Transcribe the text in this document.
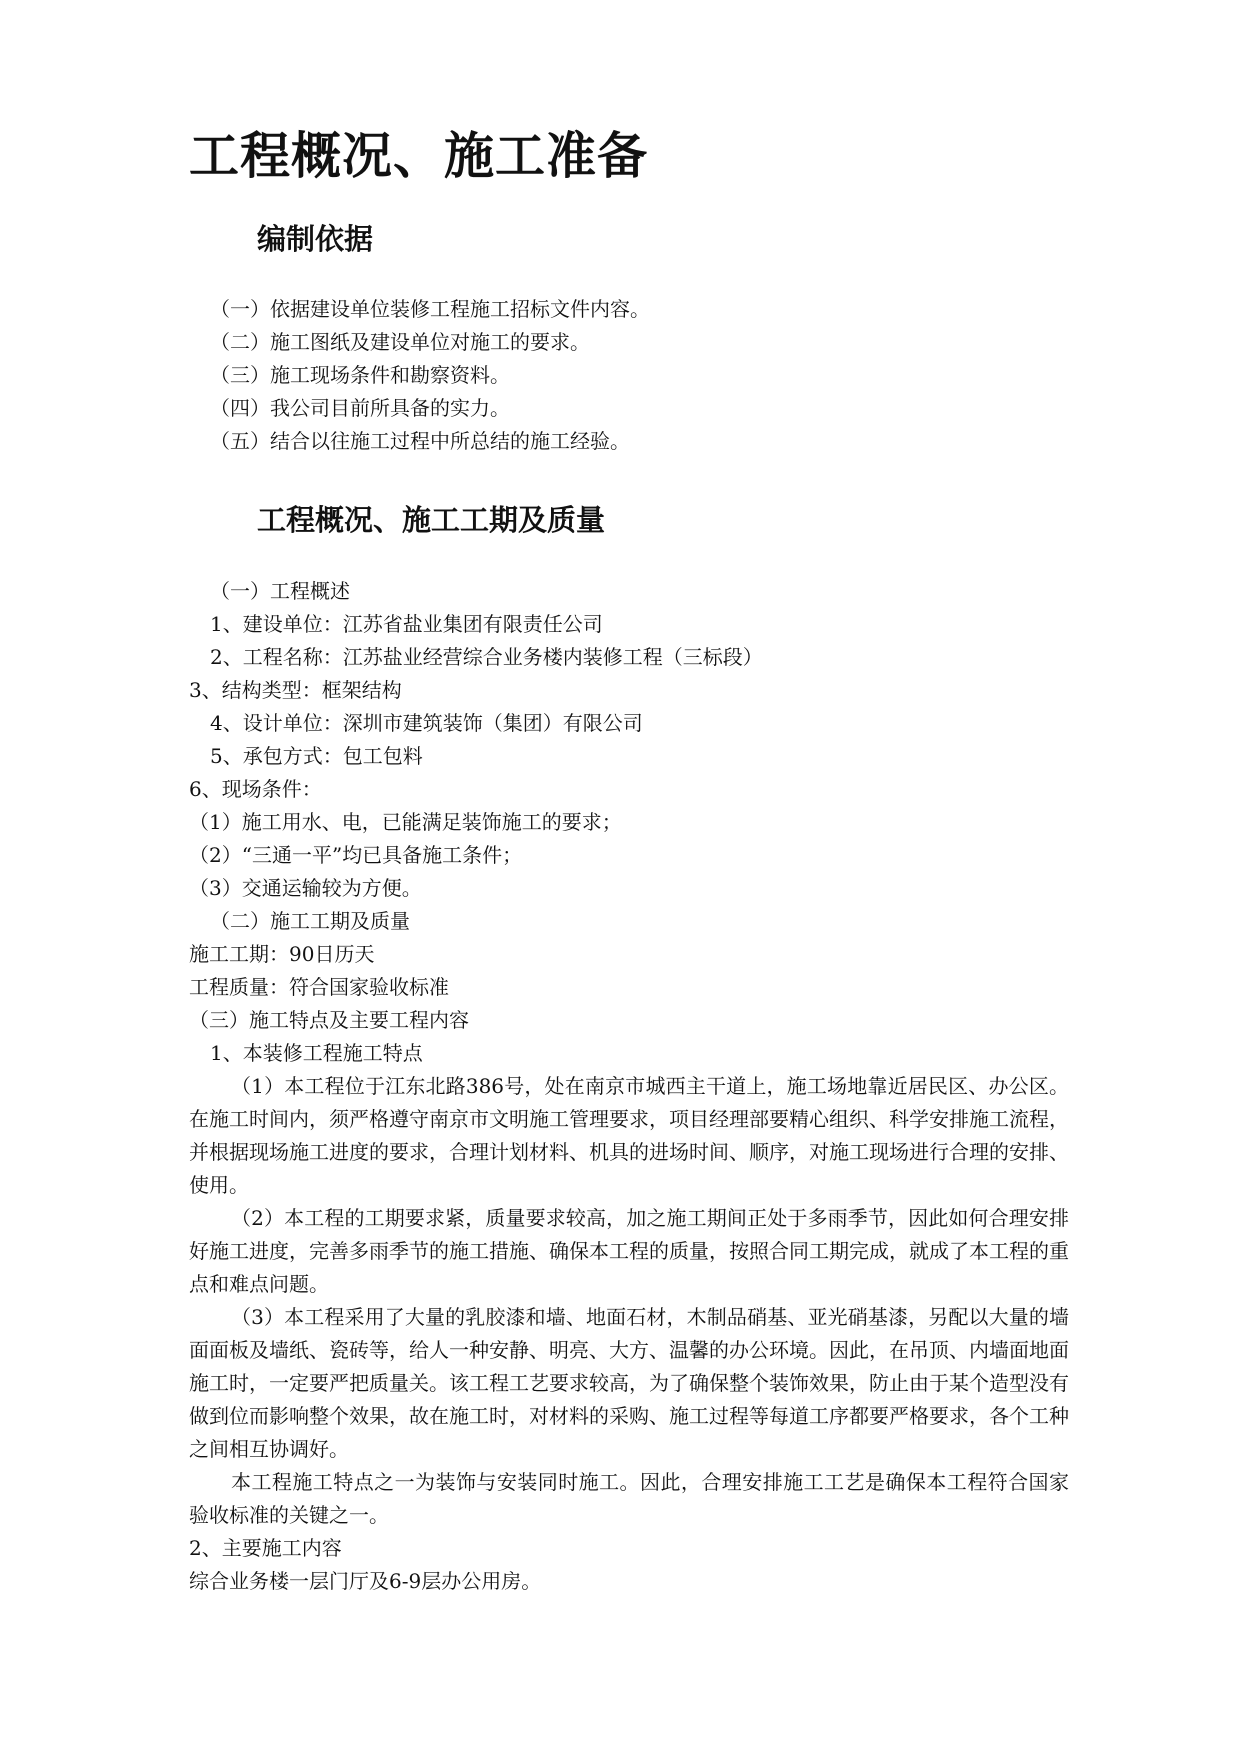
工程概况、施工准备
编制依据

（一）依据建设单位装修工程施工招标文件内容。

（二）施工图纸及建设单位对施工的要求。

（三）施工现场条件和勘察资料。

（四）我公司目前所具备的实力。

（五）结合以往施工过程中所总结的施工经验。

工程概况、施工工期及质量

（一）工程概述

1、建设单位：江苏省盐业集团有限责任公司

2、工程名称：江苏盐业经营综合业务楼内装修工程（三标段）

3、结构类型：框架结构

4、设计单位：深圳市建筑装饰（集团）有限公司

5、承包方式：包工包料

6、现场条件：

（1）施工用水、电，已能满足装饰施工的要求；

（2）“三通一平”均已具备施工条件；

（3）交通运输较为方便。

（二）施工工期及质量

施工工期：90日历天

工程质量：符合国家验收标准

（三）施工特点及主要工程内容

1、本装修工程施工特点

（1）本工程位于江东北路386号，处在南京市城西主干道上，施工场地靠近居民区、办公区。在施工时间内，须严格遵守南京市文明施工管理要求，项目经理部要精心组织、科学安排施工流程，并根据现场施工进度的要求，合理计划材料、机具的进场时间、顺序，对施工现场进行合理的安排、使用。

（2）本工程的工期要求紧，质量要求较高，加之施工期间正处于多雨季节，因此如何合理安排好施工进度，完善多雨季节的施工措施、确保本工程的质量，按照合同工期完成，就成了本工程的重点和难点问题。

（3）本工程采用了大量的乳胶漆和墙、地面石材，木制品硝基、亚光硝基漆，另配以大量的墙面面板及墙纸、瓷砖等，给人一种安静、明亮、大方、温馨的办公环境。因此，在吊顶、内墙面地面施工时，一定要严把质量关。该工程工艺要求较高，为了确保整个装饰效果，防止由于某个造型没有做到位而影响整个效果，故在施工时，对材料的采购、施工过程等每道工序都要严格要求，各个工种之间相互协调好。

本工程施工特点之一为装饰与安装同时施工。因此，合理安排施工工艺是确保本工程符合国家验收标准的关键之一。

2、主要施工内容

综合业务楼一层门厅及6-9层办公用房。
